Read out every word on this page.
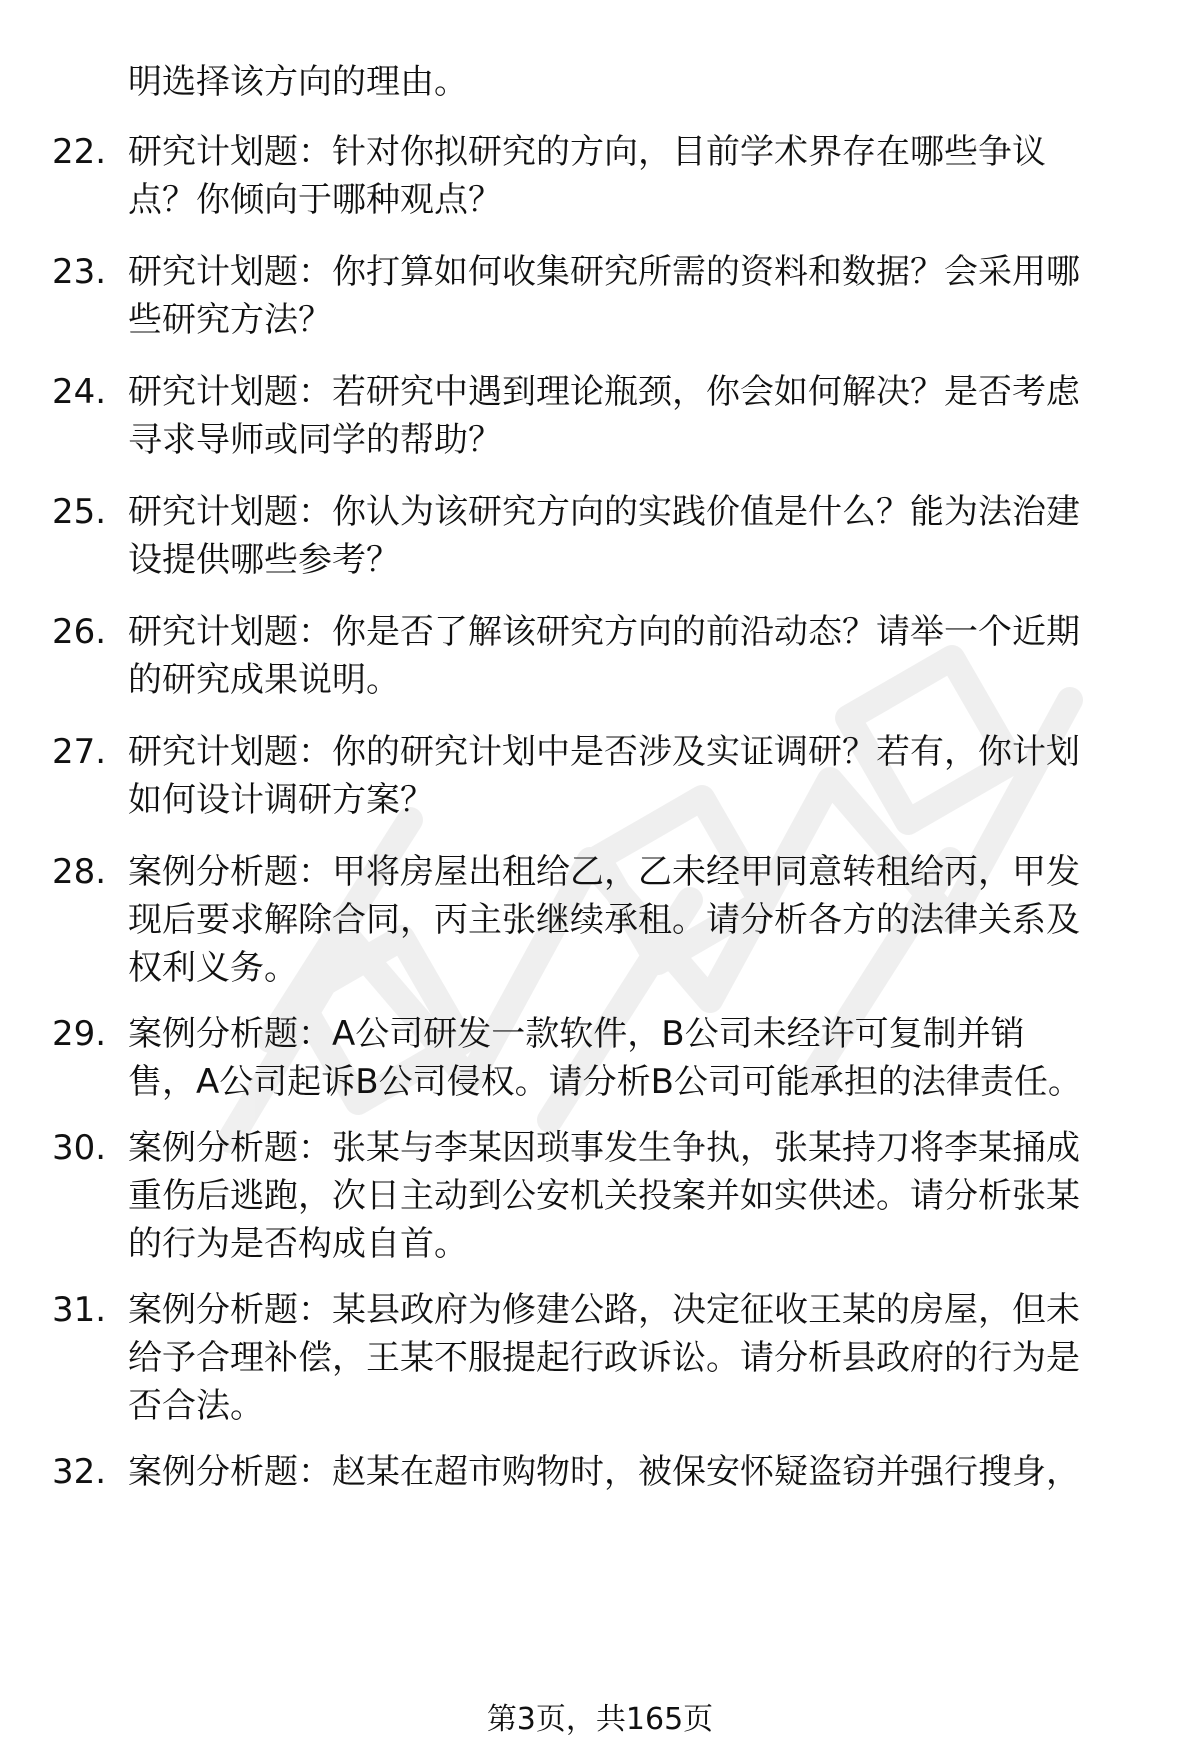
明选择该方向的理由。
22. 研究计划题：针对你拟研究的方向，目前学术界存在哪些争议
点？你倾向于哪种观点？
23. 研究计划题：你打算如何收集研究所需的资料和数据？会采用哪
些研究方法？
24. 研究计划题：若研究中遇到理论瓶颈，你会如何解决？是否考虑
寻求导师或同学的帮助？
25. 研究计划题：你认为该研究方向的实践价值是什么？能为法治建
设提供哪些参考？
26. 研究计划题：你是否了解该研究方向的前沿动态？请举一个近期
的研究成果说明。
27. 研究计划题：你的研究计划中是否涉及实证调研？若有，你计划
如何设计调研方案？
28. 案例分析题：甲将房屋出租给乙，乙未经甲同意转租给丙，甲发
现后要求解除合同，丙主张继续承租。请分析各方的法律关系及
权利义务。
29. 案例分析题：A公司研发一款软件，B公司未经许可复制并销
售，A公司起诉B公司侵权。请分析B公司可能承担的法律责任。
30. 案例分析题：张某与李某因琐事发生争执，张某持刀将李某捅成
重伤后逃跑，次日主动到公安机关投案并如实供述。请分析张某
的行为是否构成自首。
31. 案例分析题：某县政府为修建公路，决定征收王某的房屋，但未
给予合理补偿，王某不服提起行政诉讼。请分析县政府的行为是
否合法。
32. 案例分析题：赵某在超市购物时，被保安怀疑盗窃并强行搜身，
第3页，共165页
